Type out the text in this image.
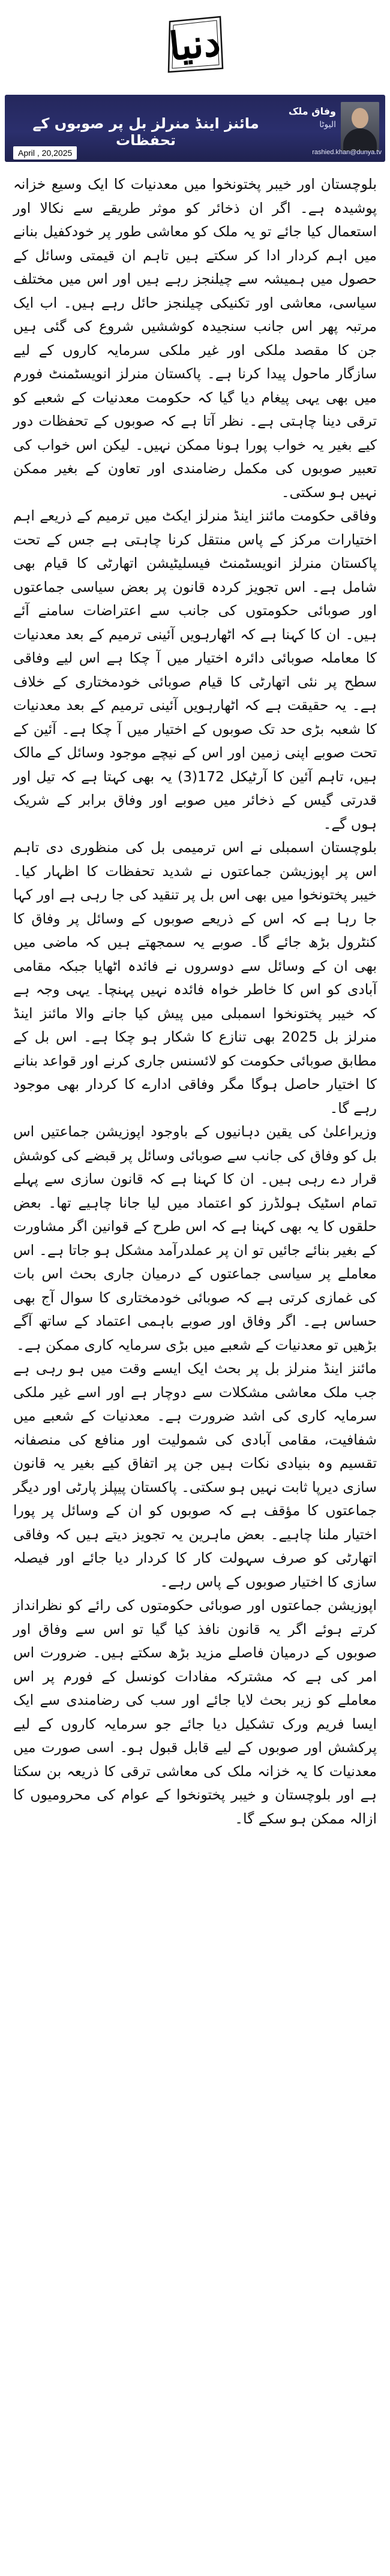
دنیا
مائنز اینڈ منرلز بل پر صوبوں کے تحفظات
April , 20,2025
وفاق ملک
الیوٹا
rashied.khan@dunya.tv

بلوچستان اور خیبر پختونخوا میں معدنیات کا ایک وسیع خزانہ پوشیدہ ہے۔ اگر ان ذخائر کو موثر طریقے سے نکالا اور استعمال کیا جائے تو یہ ملک کو معاشی طور پر خودکفیل بنانے میں اہم کردار ادا کر سکتے ہیں تاہم ان قیمتی وسائل کے حصول میں ہمیشہ سے چیلنجز رہے ہیں اور اس میں مختلف سیاسی، معاشی اور تکنیکی چیلنجز حائل رہے ہیں۔ اب ایک مرتبہ پھر اس جانب سنجیدہ کوششیں شروع کی گئی ہیں جن کا مقصد ملکی اور غیر ملکی سرمایہ کاروں کے لیے سازگار ماحول پیدا کرنا ہے۔ پاکستان منرلز انویسٹمنٹ فورم میں بھی یہی پیغام دیا گیا کہ حکومت معدنیات کے شعبے کو ترقی دینا چاہتی ہے۔ نظر آتا ہے کہ صوبوں کے تحفظات دور کیے بغیر یہ خواب پورا ہونا ممکن نہیں۔ لیکن اس خواب کی تعبیر صوبوں کی مکمل رضامندی اور تعاون کے بغیر ممکن نہیں ہو سکتی۔

وفاقی حکومت مائنز اینڈ منرلز ایکٹ میں ترمیم کے ذریعے اہم اختیارات مرکز کے پاس منتقل کرنا چاہتی ہے جس کے تحت پاکستان منرلز انویسٹمنٹ فیسلیٹیشن اتھارٹی کا قیام بھی شامل ہے۔ اس تجویز کردہ قانون پر بعض سیاسی جماعتوں اور صوبائی حکومتوں کی جانب سے اعتراضات سامنے آئے ہیں۔ ان کا کہنا ہے کہ اٹھارہویں آئینی ترمیم کے بعد معدنیات کا معاملہ صوبائی دائرہ اختیار میں آ چکا ہے اس لیے وفاقی سطح پر نئی اتھارٹی کا قیام صوبائی خودمختاری کے خلاف ہے۔ یہ حقیقت ہے کہ اٹھارہویں آئینی ترمیم کے بعد معدنیات کا شعبہ بڑی حد تک صوبوں کے اختیار میں آ چکا ہے۔ آئین کے تحت صوبے اپنی زمین اور اس کے نیچے موجود وسائل کے مالک ہیں، تاہم آئین کا آرٹیکل 172(3) یہ بھی کہتا ہے کہ تیل اور قدرتی گیس کے ذخائر میں صوبے اور وفاق برابر کے شریک ہوں گے۔

بلوچستان اسمبلی نے اس ترمیمی بل کی منظوری دی تاہم اس پر اپوزیشن جماعتوں نے شدید تحفظات کا اظہار کیا۔ خیبر پختونخوا میں بھی اس بل پر تنقید کی جا رہی ہے اور کہا جا رہا ہے کہ اس کے ذریعے صوبوں کے وسائل پر وفاق کا کنٹرول بڑھ جائے گا۔ صوبے یہ سمجھتے ہیں کہ ماضی میں بھی ان کے وسائل سے دوسروں نے فائدہ اٹھایا جبکہ مقامی آبادی کو اس کا خاطر خواہ فائدہ نہیں پہنچا۔ یہی وجہ ہے کہ خیبر پختونخوا اسمبلی میں پیش کیا جانے والا مائنز اینڈ منرلز بل 2025 بھی تنازع کا شکار ہو چکا ہے۔ اس بل کے مطابق صوبائی حکومت کو لائسنس جاری کرنے اور قواعد بنانے کا اختیار حاصل ہوگا مگر وفاقی ادارے کا کردار بھی موجود رہے گا۔

وزیراعلیٰ کی یقین دہانیوں کے باوجود اپوزیشن جماعتیں اس بل کو وفاق کی جانب سے صوبائی وسائل پر قبضے کی کوشش قرار دے رہی ہیں۔ ان کا کہنا ہے کہ قانون سازی سے پہلے تمام اسٹیک ہولڈرز کو اعتماد میں لیا جانا چاہیے تھا۔ بعض حلقوں کا یہ بھی کہنا ہے کہ اس طرح کے قوانین اگر مشاورت کے بغیر بنائے جائیں تو ان پر عملدرآمد مشکل ہو جاتا ہے۔ اس معاملے پر سیاسی جماعتوں کے درمیان جاری بحث اس بات کی غمازی کرتی ہے کہ صوبائی خودمختاری کا سوال آج بھی حساس ہے۔ اگر وفاق اور صوبے باہمی اعتماد کے ساتھ آگے بڑھیں تو معدنیات کے شعبے میں بڑی سرمایہ کاری ممکن ہے۔

مائنز اینڈ منرلز بل پر بحث ایک ایسے وقت میں ہو رہی ہے جب ملک معاشی مشکلات سے دوچار ہے اور اسے غیر ملکی سرمایہ کاری کی اشد ضرورت ہے۔ معدنیات کے شعبے میں شفافیت، مقامی آبادی کی شمولیت اور منافع کی منصفانہ تقسیم وہ بنیادی نکات ہیں جن پر اتفاق کیے بغیر یہ قانون سازی دیرپا ثابت نہیں ہو سکتی۔ پاکستان پیپلز پارٹی اور دیگر جماعتوں کا مؤقف ہے کہ صوبوں کو ان کے وسائل پر پورا اختیار ملنا چاہیے۔ بعض ماہرین یہ تجویز دیتے ہیں کہ وفاقی اتھارٹی کو صرف سہولت کار کا کردار دیا جائے اور فیصلہ سازی کا اختیار صوبوں کے پاس رہے۔

اپوزیشن جماعتوں اور صوبائی حکومتوں کی رائے کو نظرانداز کرتے ہوئے اگر یہ قانون نافذ کیا گیا تو اس سے وفاق اور صوبوں کے درمیان فاصلے مزید بڑھ سکتے ہیں۔ ضرورت اس امر کی ہے کہ مشترکہ مفادات کونسل کے فورم پر اس معاملے کو زیر بحث لایا جائے اور سب کی رضامندی سے ایک ایسا فریم ورک تشکیل دیا جائے جو سرمایہ کاروں کے لیے پرکشش اور صوبوں کے لیے قابل قبول ہو۔ اسی صورت میں معدنیات کا یہ خزانہ ملک کی معاشی ترقی کا ذریعہ بن سکتا ہے اور بلوچستان و خیبر پختونخوا کے عوام کی محرومیوں کا ازالہ ممکن ہو سکے گا۔
